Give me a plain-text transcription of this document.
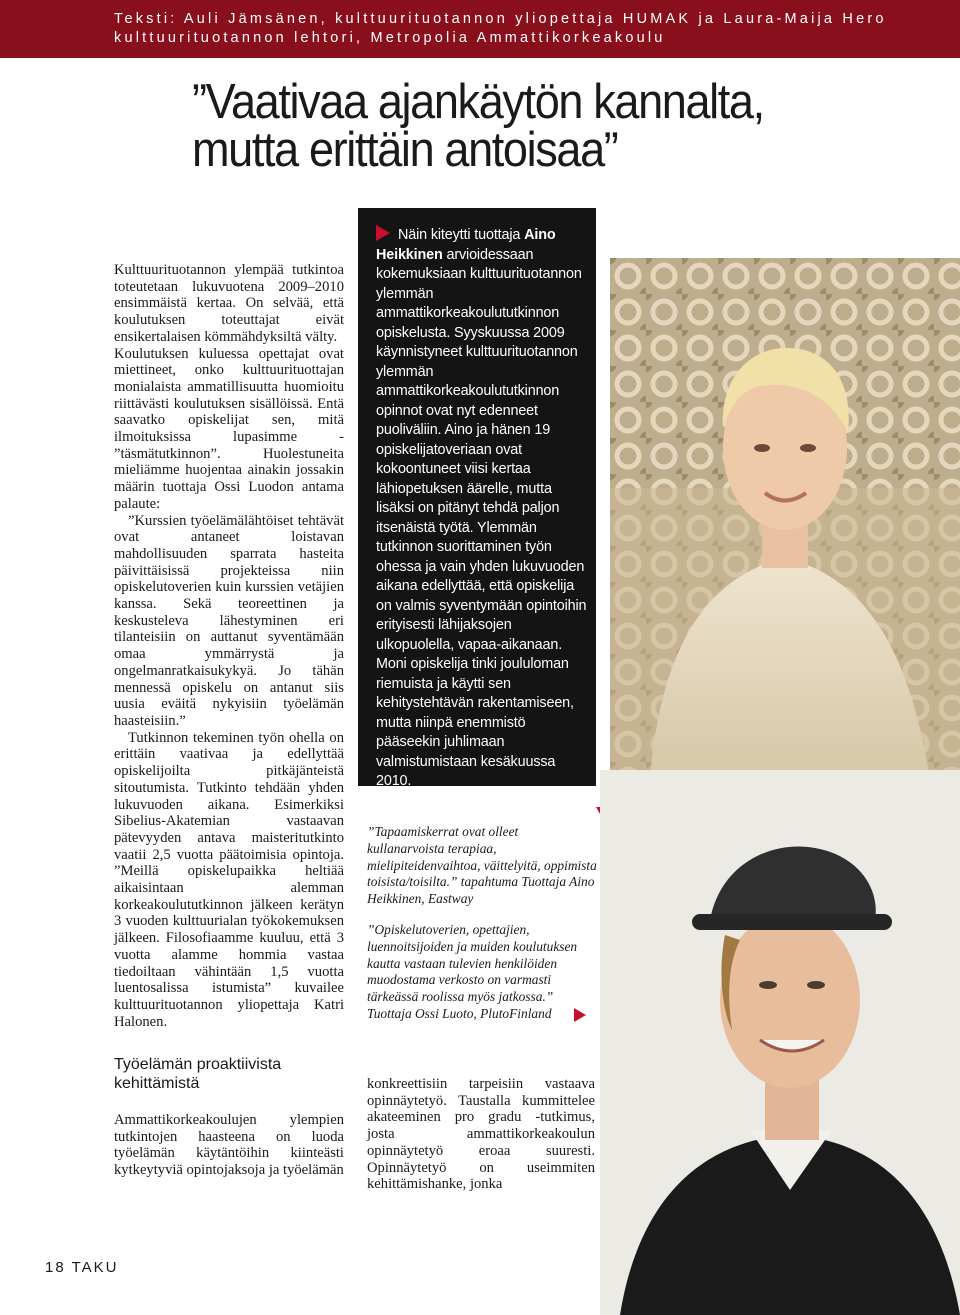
Teksti: Auli Jämsänen, kulttuurituotannon yliopettaja HUMAK ja Laura-Maija Hero kulttuurituotannon lehtori, Metropolia Ammattikorkeakoulu
”Vaativaa ajankäytön kannalta,
mutta erittäin antoisaa”

Kulttuurituotannon ylempää tutkintoa toteutetaan lukuvuotena 2009–2010 ensimmäistä kertaa. On selvää, että koulutuksen toteuttajat eivät ensikertalaisen kömmähdyksiltä välty.

Koulutuksen kuluessa opettajat ovat miettineet, onko kulttuurituottajan monialaista ammatillisuutta huomioitu riittävästi koulutuksen sisällöissä. Entä saavatko opiskelijat sen, mitä ilmoituksissa lupasimme - ”täsmätutkinnon”. Huolestuneita mieliämme huojentaa ainakin jossakin määrin tuottaja Ossi Luodon antama palaute:

”Kurssien työelämälähtöiset tehtävät ovat antaneet loistavan mahdollisuuden sparrata hasteita päivittäisissä projekteissa niin opiskelutoverien kuin kurssien vetäjien kanssa. Sekä teoreettinen ja keskusteleva lähestyminen eri tilanteisiin on auttanut syventämään omaa ymmärrystä ja ongelmanratkaisukykyä. Jo tähän mennessä opiskelu on antanut siis uusia eväitä nykyisiin työelämän haasteisiin.”

Tutkinnon tekeminen työn ohella on erittäin vaativaa ja edellyttää opiskelijoilta pitkäjänteistä sitoutumista. Tutkinto tehdään yhden lukuvuoden aikana. Esimerkiksi Sibelius-Akatemian vastaavan pätevyyden antava maisteritutkinto vaatii 2,5 vuotta päätoimisia opintoja. ”Meillä opiskelupaikka heltiää aikaisintaan alemman korkeakoulututkinnon jälkeen kerätyn 3 vuoden kulttuurialan työkokemuksen jälkeen. Filosofiaamme kuuluu, että 3 vuotta alamme hommia vastaa tiedoiltaan vähintään 1,5 vuotta luentosalissa istumista” kuvailee kulttuurituotannon yliopettaja Katri Halonen.

Työelämän proaktiivista kehittämistä

Ammattikorkeakoulujen ylempien tutkintojen haasteena on luoda työelämän käytäntöihin kiinteästi kytkeytyviä opintojaksoja ja työelämän

Näin kiteytti tuottaja Aino Heikkinen arvioidessaan kokemuksiaan kulttuurituotannon ylemmän ammattikorkeakoulututkinnon opiskelusta. Syyskuussa 2009 käynnistyneet kulttuurituotannon ylemmän ammattikorkeakoulututkinnon opinnot ovat nyt edenneet puoliväliin. Aino ja hänen 19 opiskelijatoveriaan ovat kokoontuneet viisi kertaa lähiopetuksen äärelle, mutta lisäksi on pitänyt tehdä paljon itsenäistä työtä. Ylemmän tutkinnon suorittaminen työn ohessa ja vain yhden lukuvuoden aikana edellyttää, että opiskelija on valmis syventymään opintoihin erityisesti lähijaksojen ulkopuolella, vapaa-aikanaan. Moni opiskelija tinki joululoman riemuista ja käytti sen kehitystehtävän rakentamiseen, mutta niinpä enemmistö pääseekin juhlimaan valmistumistaan kesäkuussa 2010.
”Tapaamiskerrat ovat olleet kullanarvoista terapiaa, mielipiteidenvaihtoa, väittelyitä, oppimista toisista/toisilta.” tapahtuma Tuottaja Aino Heikkinen, Eastway
”Opiskelutoverien, opettajien, luennoitsijoiden ja muiden koulutuksen kautta vastaan tulevien henkilöiden muodostama verkosto on varmasti tärkeässä roolissa myös jatkossa.” Tuottaja Ossi Luoto, PlutoFinland

konkreettisiin tarpeisiin vastaava opinnäytetyö. Taustalla kummittelee akateeminen pro gradu -tutkimus, josta ammattikorkeakoulun opinnäytetyö eroaa suuresti. Opinnäytetyö on useimmiten kehittämishanke, jonka

18 TAKU
